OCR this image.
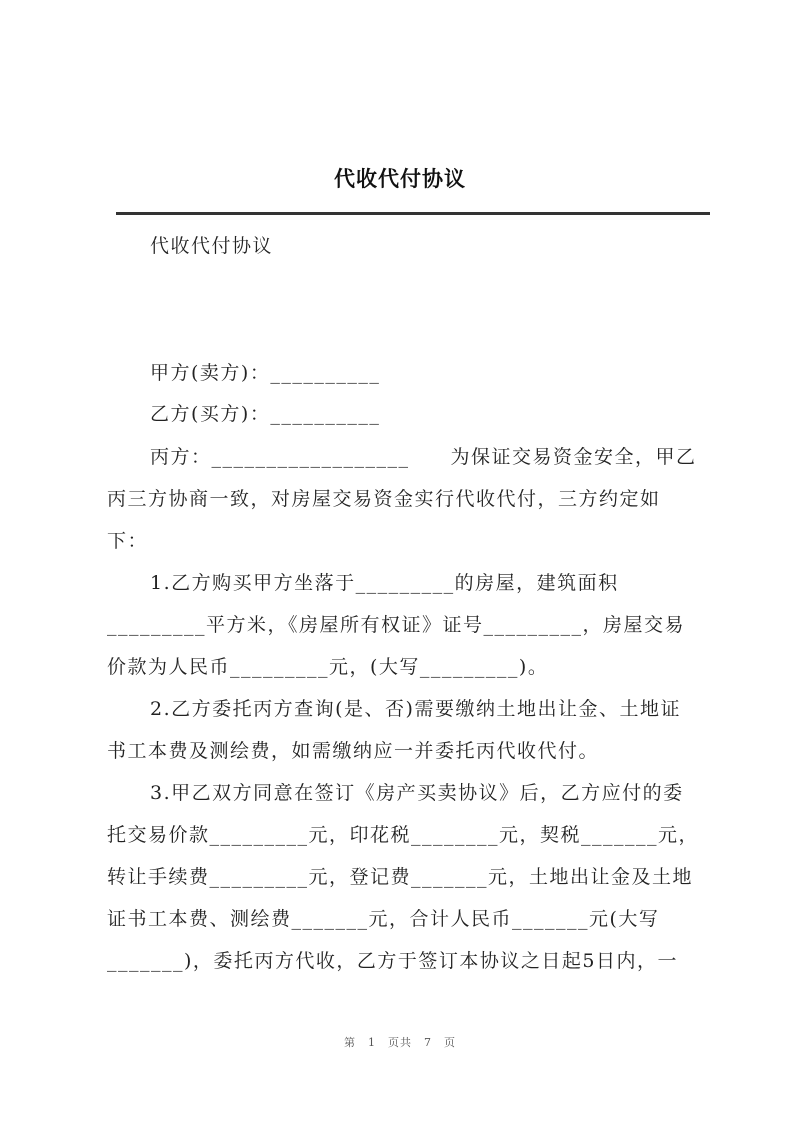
代收代付协议
代收代付协议
甲方(卖方)：__________
乙方(买方)：__________
丙方：__________________　　为保证交易资金安全，甲乙
丙三方协商一致，对房屋交易资金实行代收代付，三方约定如
下：
1.乙方购买甲方坐落于_________的房屋，建筑面积
_________平方米，《房屋所有权证》证号_________，房屋交易
价款为人民币_________元，(大写_________)。
2.乙方委托丙方查询(是、否)需要缴纳土地出让金、土地证
书工本费及测绘费，如需缴纳应一并委托丙代收代付。
3.甲乙双方同意在签订《房产买卖协议》后，乙方应付的委
托交易价款_________元，印花税________元，契税_______元，
转让手续费_________元，登记费_______元，土地出让金及土地
证书工本费、测绘费_______元，合计人民币_______元(大写
_______)，委托丙方代收，乙方于签订本协议之日起5日内，一
第 1 页共 7 页
